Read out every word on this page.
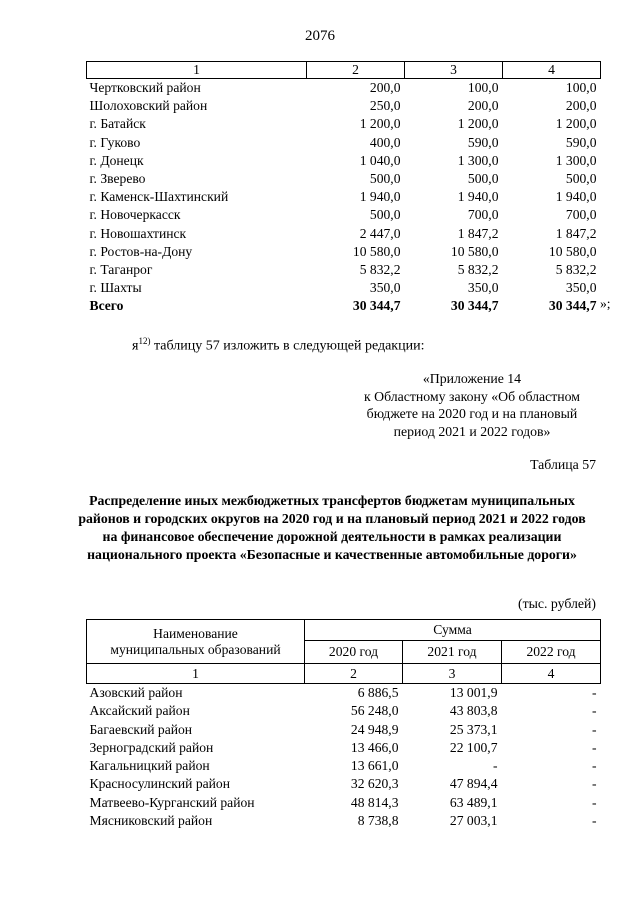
2076
1	2	3	4
Чертковский район	200,0	100,0	100,0
Шолоховский район	250,0	200,0	200,0
г. Батайск	1 200,0	1 200,0	1 200,0
г. Гуково	400,0	590,0	590,0
г. Донецк	1 040,0	1 300,0	1 300,0
г. Зверево	500,0	500,0	500,0
г. Каменск-Шахтинский	1 940,0	1 940,0	1 940,0
г. Новочеркасск	500,0	700,0	700,0
г. Новошахтинск	2 447,0	1 847,2	1 847,2
г. Ростов-на-Дону	10 580,0	10 580,0	10 580,0
г. Таганрог	5 832,2	5 832,2	5 832,2
г. Шахты	350,0	350,0	350,0
Всего	30 344,7	30 344,7	30 344,7 »;
$я^{12)}$ таблицу 57 изложить в следующей редакции:
«Приложение 14
к Областному закону «Об областном
бюджете на 2020 год и на плановый
период 2021 и 2022 годов»
Таблица 57
Распределение иных межбюджетных трансфертов бюджетам муниципальных районов и городских округов на 2020 год и на плановый период 2021 и 2022 годов на финансовое обеспечение дорожной деятельности в рамках реализации национального проекта «Безопасные и качественные автомобильные дороги»
(тыс. рублей)
Наименование
муниципальных образований	Сумма		
	2020 год	2021 год	2022 год
1	2	3	4
Азовский район	6 886,5	13 001,9	-
Аксайский район	56 248,0	43 803,8	-
Багаевский район	24 948,9	25 373,1	-
Зерноградский район	13 466,0	22 100,7	-
Кагальницкий район	13 661,0	-	-
Красносулинский район	32 620,3	47 894,4	-
Матвеево-Курганский район	48 814,3	63 489,1	-
Мясниковский район	8 738,8	27 003,1	-
